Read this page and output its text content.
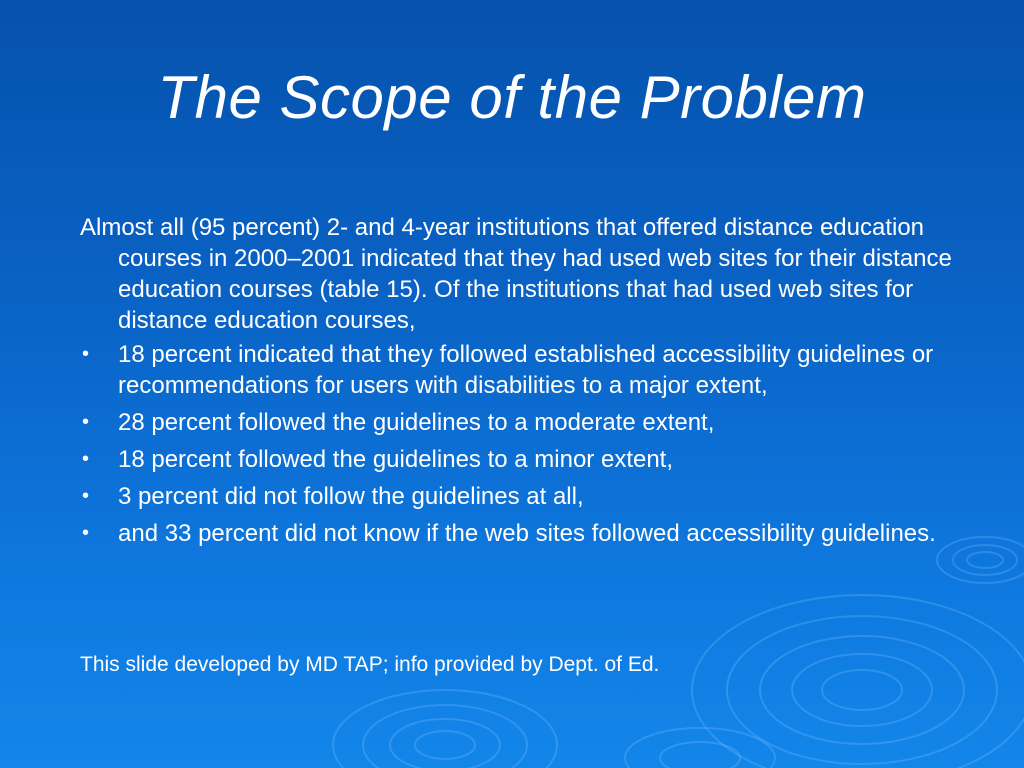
The Scope of the Problem

Almost all (95 percent) 2- and 4-year institutions that offered distance education courses in 2000–2001 indicated that they had used web sites for their distance education courses (table 15). Of the institutions that had used web sites for distance education courses,

• 18 percent indicated that they followed established accessibility guidelines or recommendations for users with disabilities to a major extent,
• 28 percent followed the guidelines to a moderate extent,
• 18 percent followed the guidelines to a minor extent,
• 3 percent did not follow the guidelines at all,
• and 33 percent did not know if the web sites followed accessibility guidelines.
This slide developed by MD TAP; info provided by Dept. of Ed.
